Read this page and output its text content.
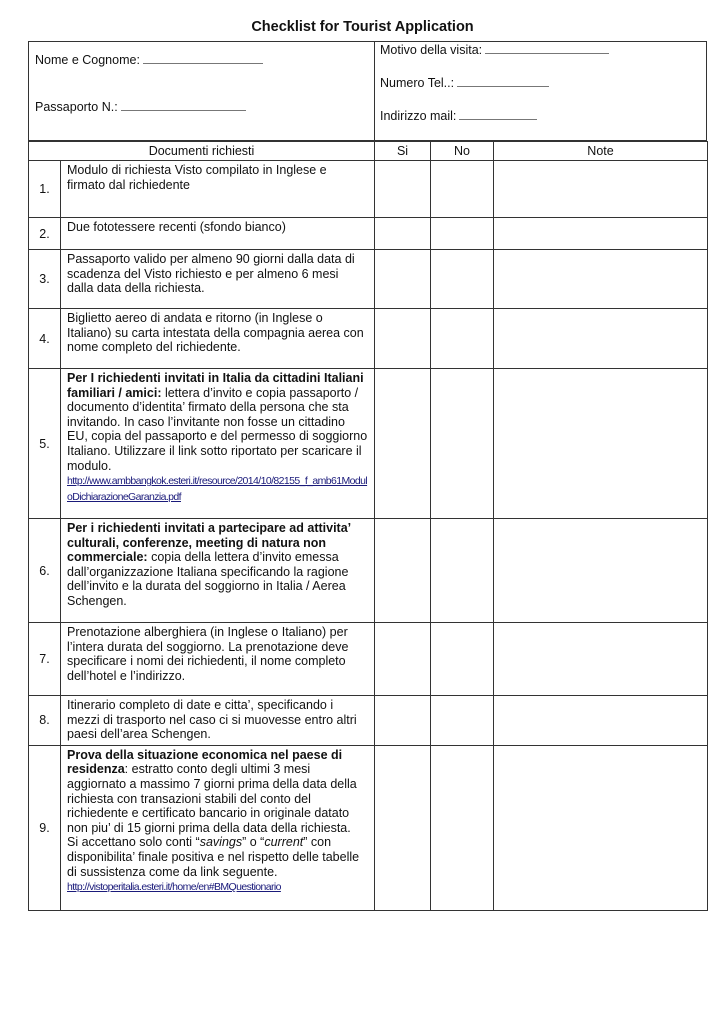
Checklist for Tourist Application
Nome e Cognome:
Passaporto N.:
Motivo della visita:
Numero Tel..:
Indirizzo mail:
Documenti richiesti		Si	No	Note
1.	Modulo di richiesta Visto compilato in Inglese e firmato dal richiedente			
2.	Due fototessere recenti (sfondo bianco)			
3.	Passaporto valido per almeno 90 giorni dalla data di scadenza del Visto richiesto e per almeno 6 mesi dalla data della richiesta.			
4.	Biglietto aereo di andata e ritorno (in Inglese o Italiano) su carta intestata della compagnia aerea con nome completo del richiedente.			
5.	Per I richiedenti invitati in Italia da cittadini Italiani familiari / amici: lettera d’invito e copia passaporto / documento d’identita’ firmato della persona che sta invitando. In caso l’invitante non fosse un cittadino EU, copia del passaporto e del permesso di soggiorno Italiano. Utilizzare il link sotto riportato per scaricare il modulo.
http://www.ambbangkok.esteri.it/resource/2014/10/82155_f_amb61ModuloDichiarazioneGaranzia.pdf			
6.	Per i richiedenti invitati a partecipare ad attivita’ culturali, conferenze, meeting di natura non commerciale: copia della lettera d’invito emessa dall’organizzazione Italiana specificando la ragione dell’invito e la durata del soggiorno in Italia / Aerea Schengen.			
7.	Prenotazione alberghiera (in Inglese o Italiano) per l’intera durata del soggiorno. La prenotazione deve specificare i nomi dei richiedenti, il nome completo dell’hotel e l’indirizzo.			
8.	Itinerario completo di date e citta’, specificando i mezzi di trasporto nel caso ci si muovesse entro altri paesi dell’area Schengen.			
9.	Prova della situazione economica nel paese di residenza: estratto conto degli ultimi 3 mesi aggiornato a massimo 7 giorni prima della data della richiesta con transazioni stabili del conto del richiedente e certificato bancario in originale datato non piu’ di 15 giorni prima della data della richiesta.
Si accettano solo conti “savings” o “current” con disponibilita’ finale positiva e nel rispetto delle tabelle di sussistenza come da link seguente.
http://vistoperitalia.esteri.it/home/en#BMQuestionario			
